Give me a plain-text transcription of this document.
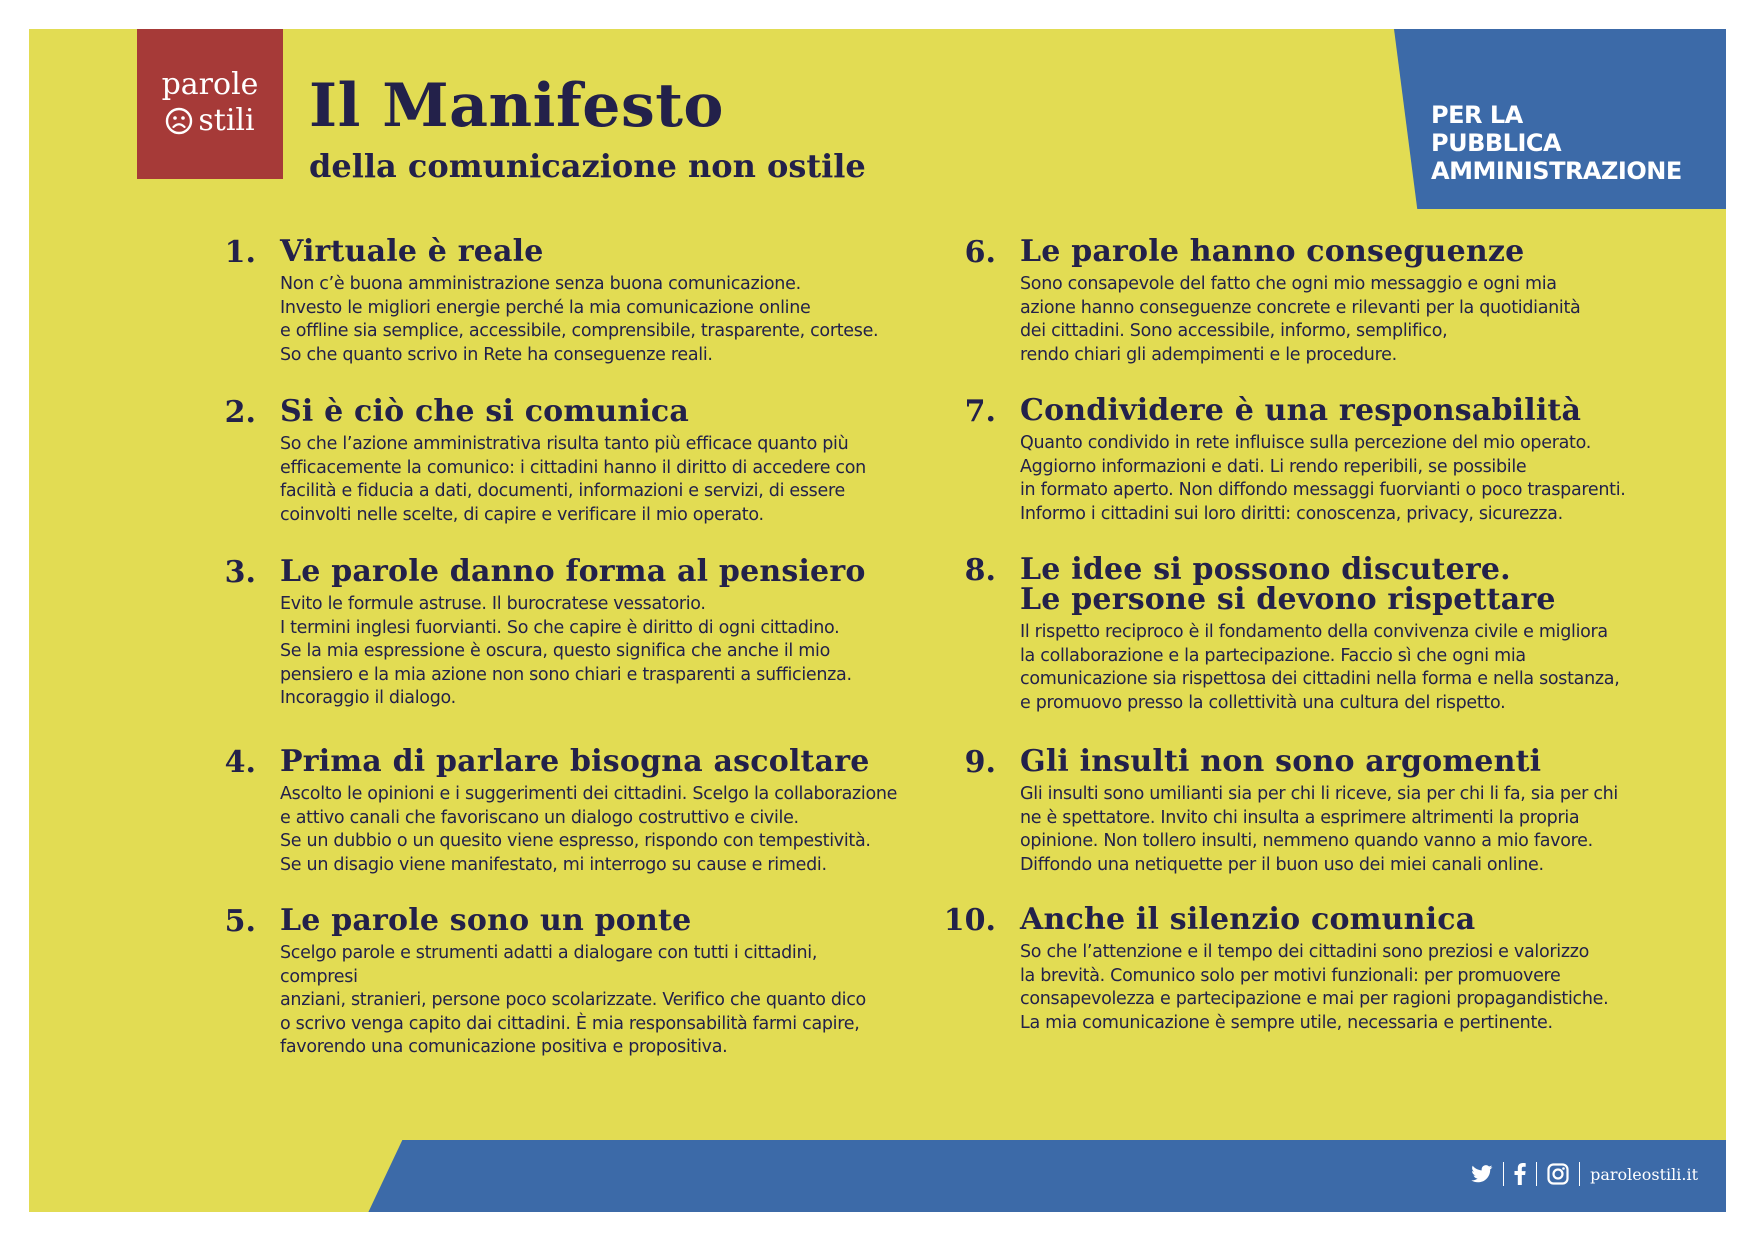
parole
stili Il Manifesto
della comunicazione non ostile
PER LA
PUBBLICA
AMMINISTRAZIONE
1. Virtuale è reale

Non c’è buona amministrazione senza buona comunicazione.
Investo le migliori energie perché la mia comunicazione online
e offline sia semplice, accessibile, comprensibile, trasparente, cortese.
So che quanto scrivo in Rete ha conseguenze reali.

2. Si è ciò che si comunica

So che l’azione amministrativa risulta tanto più efficace quanto più
efficacemente la comunico: i cittadini hanno il diritto di accedere con
facilità e fiducia a dati, documenti, informazioni e servizi, di essere
coinvolti nelle scelte, di capire e verificare il mio operato.

3. Le parole danno forma al pensiero

Evito le formule astruse. Il burocratese vessatorio.
I termini inglesi fuorvianti. So che capire è diritto di ogni cittadino.
Se la mia espressione è oscura, questo significa che anche il mio
pensiero e la mia azione non sono chiari e trasparenti a sufficienza.
Incoraggio il dialogo.

4. Prima di parlare bisogna ascoltare

Ascolto le opinioni e i suggerimenti dei cittadini. Scelgo la collaborazione
e attivo canali che favoriscano un dialogo costruttivo e civile.
Se un dubbio o un quesito viene espresso, rispondo con tempestività.
Se un disagio viene manifestato, mi interrogo su cause e rimedi.

5. Le parole sono un ponte

Scelgo parole e strumenti adatti a dialogare con tutti i cittadini, compresi
anziani, stranieri, persone poco scolarizzate. Verifico che quanto dico
o scrivo venga capito dai cittadini. È mia responsabilità farmi capire,
favorendo una comunicazione positiva e propositiva.

6. Le parole hanno conseguenze

Sono consapevole del fatto che ogni mio messaggio e ogni mia
azione hanno conseguenze concrete e rilevanti per la quotidianità
dei cittadini. Sono accessibile, informo, semplifico,
rendo chiari gli adempimenti e le procedure.

7. Condividere è una responsabilità

Quanto condivido in rete influisce sulla percezione del mio operato.
Aggiorno informazioni e dati. Li rendo reperibili, se possibile
in formato aperto. Non diffondo messaggi fuorvianti o poco trasparenti.
Informo i cittadini sui loro diritti: conoscenza, privacy, sicurezza.

8. Le idee si possono discutere.
Le persone si devono rispettare

Il rispetto reciproco è il fondamento della convivenza civile e migliora
la collaborazione e la partecipazione. Faccio sì che ogni mia
comunicazione sia rispettosa dei cittadini nella forma e nella sostanza,
e promuovo presso la collettività una cultura del rispetto.

9. Gli insulti non sono argomenti

Gli insulti sono umilianti sia per chi li riceve, sia per chi li fa, sia per chi
ne è spettatore. Invito chi insulta a esprimere altrimenti la propria
opinione. Non tollero insulti, nemmeno quando vanno a mio favore.
Diffondo una netiquette per il buon uso dei miei canali online.

10. Anche il silenzio comunica

So che l’attenzione e il tempo dei cittadini sono preziosi e valorizzo
la brevità. Comunico solo per motivi funzionali: per promuovere
consapevolezza e partecipazione e mai per ragioni propagandistiche.
La mia comunicazione è sempre utile, necessaria e pertinente.

paroleostili.it
